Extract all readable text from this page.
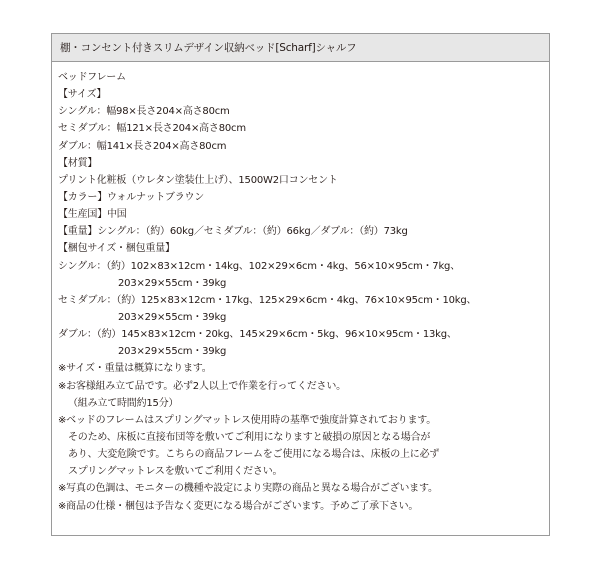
棚・コンセント付きスリムデザイン収納ベッド[Scharf]シャルフ
ベッドフレーム
【サイズ】
シングル：幅98×長さ204×高さ80cm
セミダブル：幅121×長さ204×高さ80cm
ダブル：幅141×長さ204×高さ80cm
【材質】
プリント化粧板（ウレタン塗装仕上げ）、1500W2口コンセント
【カラー】ウォルナットブラウン
【生産国】中国
【重量】シングル：（約）60kg／セミダブル：（約）66kg／ダブル：（約）73kg
【梱包サイズ・梱包重量】
シングル：（約）102×83×12cm・14kg、102×29×6cm・4kg、56×10×95cm・7kg、
203×29×55cm・39kg
セミダブル：（約）125×83×12cm・17kg、125×29×6cm・4kg、76×10×95cm・10kg、
203×29×55cm・39kg
ダブル：（約）145×83×12cm・20kg、145×29×6cm・5kg、96×10×95cm・13kg、
203×29×55cm・39kg
※サイズ・重量は概算になります。
※お客様組み立て品です。必ず2人以上で作業を行ってください。
（組み立て時間約15分）
※ベッドのフレームはスプリングマットレス使用時の基準で強度計算されております。
そのため、床板に直接布団等を敷いてご利用になりますと破損の原因となる場合が
あり、大変危険です。こちらの商品フレームをご使用になる場合は、床板の上に必ず
スプリングマットレスを敷いてご利用ください。
※写真の色調は、モニターの機種や設定により実際の商品と異なる場合がございます。
※商品の仕様・梱包は予告なく変更になる場合がございます。予めご了承下さい。
